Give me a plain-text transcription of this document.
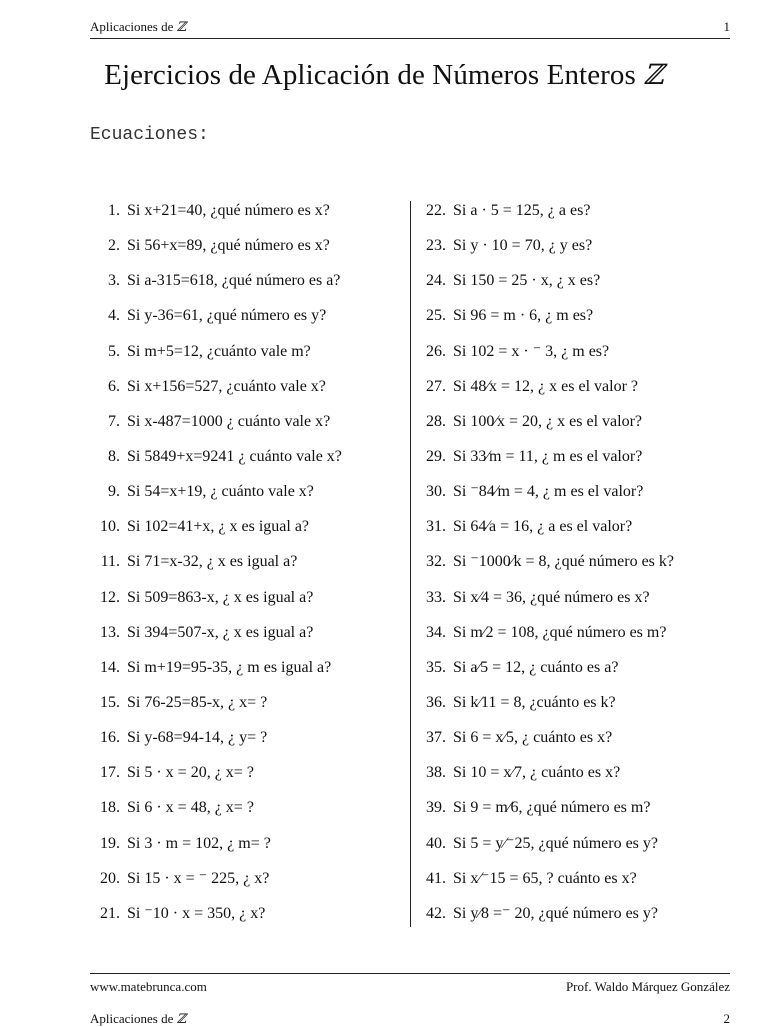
Aplicaciones de ℤ	1
Ejercicios de Aplicación de Números Enteros ℤ
Ecuaciones:
1. Si x+21=40, ¿qué número es x?
2. Si 56+x=89, ¿qué número es x?
3. Si a-315=618, ¿qué número es a?
4. Si y-36=61, ¿qué número es y?
5. Si m+5=12, ¿cuánto vale m?
6. Si x+156=527, ¿cuánto vale x?
7. Si x-487=1000 ¿ cuánto vale x?
8. Si 5849+x=9241 ¿ cuánto vale x?
9. Si 54=x+19, ¿ cuánto vale x?
10. Si 102=41+x, ¿ x es igual a?
11. Si 71=x-32, ¿ x es igual a?
12. Si 509=863-x, ¿ x es igual a?
13. Si 394=507-x, ¿ x es igual a?
14. Si m+19=95-35, ¿ m es igual a?
15. Si 76-25=85-x, ¿ x= ?
16. Si y-68=94-14, ¿ y= ?
17. Si 5 · x = 20, ¿ x= ?
18. Si 6 · x = 48, ¿ x= ?
19. Si 3 · m = 102, ¿ m= ?
20. Si 15 · x = ⁻ 225, ¿ x?
21. Si ⁻10 · x = 350, ¿ x?
22. Si a · 5 = 125, ¿ a es?
23. Si y · 10 = 70, ¿ y es?
24. Si 150 = 25 · x, ¿ x es?
25. Si 96 = m · 6, ¿ m es?
26. Si 102 = x · ⁻ 3, ¿ m es?
27. Si 48⁄x = 12, ¿ x es el valor ?
28. Si 100⁄x = 20, ¿ x es el valor?
29. Si 33⁄m = 11, ¿ m es el valor?
30. Si ⁻84⁄m = 4, ¿ m es el valor?
31. Si 64⁄a = 16, ¿ a es el valor?
32. Si ⁻1000⁄k = 8, ¿qué número es k?
33. Si x⁄4 = 36, ¿qué número es x?
34. Si m⁄2 = 108, ¿qué número es m?
35. Si a⁄5 = 12, ¿ cuánto es a?
36. Si k⁄11 = 8, ¿cuánto es k?
37. Si 6 = x⁄5, ¿ cuánto es x?
38. Si 10 = x⁄7, ¿ cuánto es x?
39. Si 9 = m⁄6, ¿qué número es m?
40. Si 5 = y⁄⁻25, ¿qué número es y?
41. Si x⁄⁻15 = 65, ? cuánto es x?
42. Si y⁄8 =⁻ 20, ¿qué número es y?
www.matebrunca.com	Prof. Waldo Márquez González
Aplicaciones de ℤ	2
